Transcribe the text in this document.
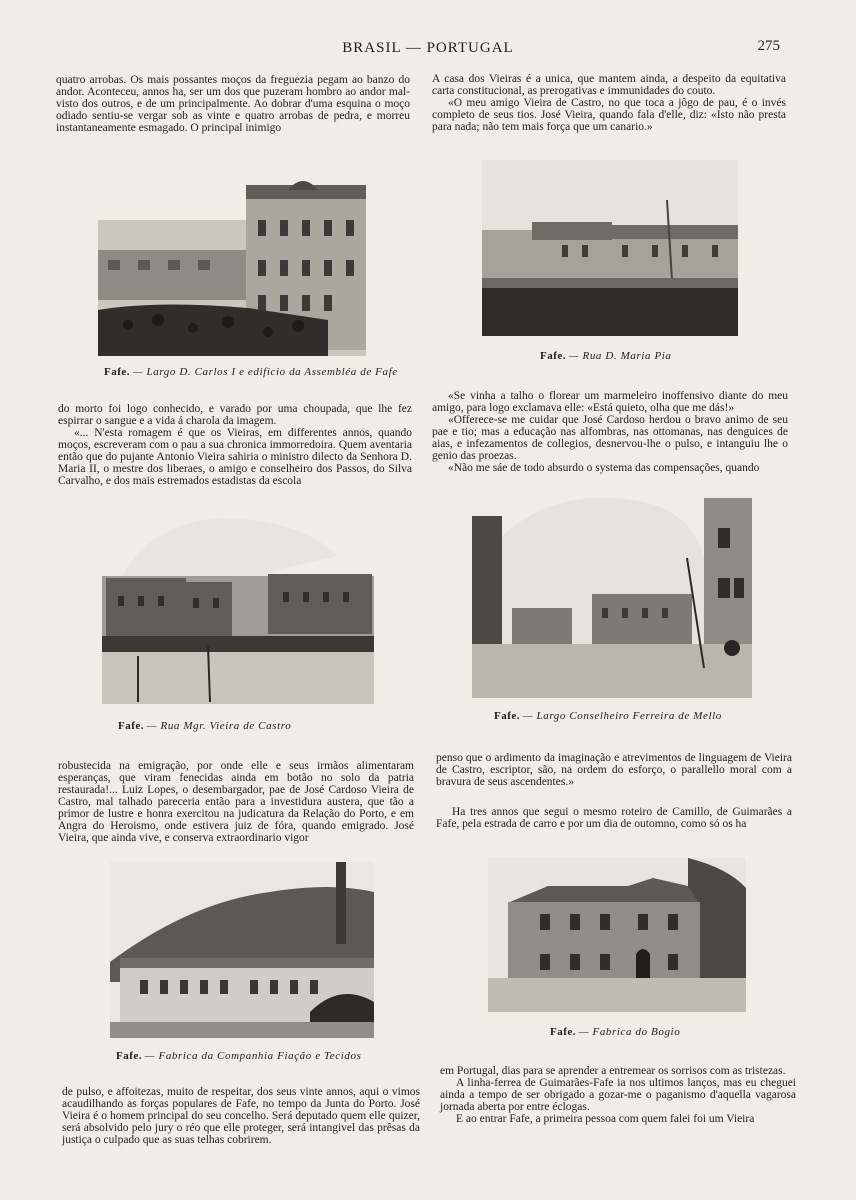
BRASIL — PORTUGAL	275

quatro arrobas. Os mais possantes moços da freguezia pegam ao banzo do andor. Aconteceu, annos ha, ser um dos que puzeram hombro ao andor mal-visto dos outros, e de um principalmente. Ao dobrar d'uma esquina o moço odiado sentiu-se vergar sob as vinte e quatro arrobas de pedra, e morreu instantaneamente esmagado. O principal inimigo

A casa dos Vieiras é a unica, que mantem ainda, a despeito da equitativa carta constitucional, as prerogativas e immunidades do couto.

«O meu amigo Vieira de Castro, no que toca a jôgo de pau, é o invés completo de seus tios. José Vieira, quando fala d'elle, diz: «Isto não presta para nada; não tem mais força que um canario.»

do morto foi logo conhecido, e varado por uma choupada, que lhe fez espirrar o sangue e a vida á charola da imagem.

«... N'esta romagem é que os Vieiras, em differentes annos, quando moços, escreveram com o pau a sua chronica immorredoira. Quem aventaria então que do pujante Antonio Vieira sahiria o ministro dilecto da Senhora D. Maria II, o mestre dos liberaes, o amigo e conselheiro dos Passos, do Silva Carvalho, e dos mais estremados estadistas da escola

«Se vinha a talho o florear um marmeleiro inoffensivo diante do meu amigo, para logo exclamava elle: «Está quieto, olha que me dás!»

«Offerece-se me cuidar que José Cardoso herdou o bravo animo de seu pae e tio; mas a educação nas alfombras, nas ottomanas, nas denguices de aias, e infezamentos de collegios, desnervou-lhe o pulso, e intanguiu lhe o genio das proezas.

«Não me sáe de todo absurdo o systema das compensações, quando

robustecida na emigração, por onde elle e seus irmãos alimentaram esperanças, que viram fenecidas ainda em botão no solo da patria restaurada!... Luiz Lopes, o desembargador, pae de José Cardoso Vieira de Castro, mal talhado pareceria então para a investidura austera, que tão a primor de lustre e honra exercitou na judicatura da Relação do Porto, e em Angra do Heroismo, onde estivera juiz de fóra, quando emigrado. José Vieira, que ainda vive, e conserva extraordinario vigor

penso que o ardimento da imaginação e atrevimentos de linguagem de Vieira de Castro, escriptor, são, na ordem do esforço, o parallello moral com a bravura de seus ascendentes.»

Ha tres annos que segui o mesmo roteiro de Camillo, de Guimarães a Fafe, pela estrada de carro e por um dia de outomno, como só os ha

de pulso, e affoitezas, muito de respeitar, dos seus vinte annos, aqui o vimos acaudilhando as forças populares de Fafe, no tempo da Junta do Porto. José Vieira é o homem principal do seu concelho. Será deputado quem elle quizer, será absolvido pelo jury o réo que elle proteger, será intangivel das prêsas da justiça o culpado que as suas telhas cobrirem.

em Portugal, dias para se aprender a entremear os sorrisos com as tristezas.

A linha-ferrea de Guimarães-Fafe ia nos ultimos lanços, mas eu cheguei ainda a tempo de ser obrigado a gozar-me o paganismo d'aquella vagarosa jornada aberta por entre éclogas.

E ao entrar Fafe, a primeira pessoa com quem falei foi um Vieira

Fafe. — Largo D. Carlos I e edificio da Assembléa de Fafe
Fafe. — Rua D. Maria Pia
Fafe. — Rua Mgr. Vieira de Castro
Fafe. — Largo Conselheiro Ferreira de Mello
Fafe. — Fabrica da Companhia Fiação e Tecidos
Fafe. — Fabrica do Bogio
